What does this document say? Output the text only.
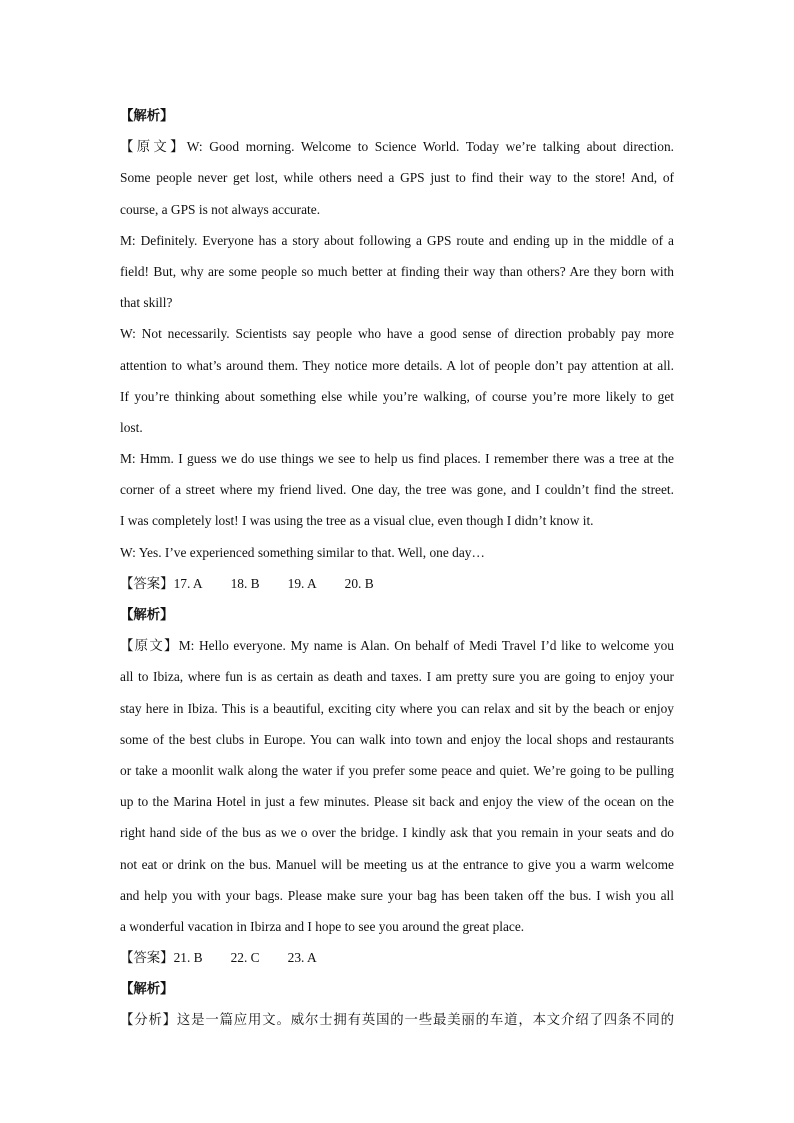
【解析】
【原文】W: Good morning. Welcome to Science World. Today we’re talking about direction.
Some people never get lost, while others need a GPS just to find their way to the store! And, of
course, a GPS is not always accurate.
M: Definitely. Everyone has a story about following a GPS route and ending up in the middle of a
field! But, why are some people so much better at finding their way than others? Are they born with
that skill?
W: Not necessarily. Scientists say people who have a good sense of direction probably pay more
attention to what’s around them. They notice more details. A lot of people don’t pay attention at all.
If you’re thinking about something else while you’re walking, of course you’re more likely to get
lost.
M: Hmm. I guess we do use things we see to help us find places. I remember there was a tree at the
corner of a street where my friend lived. One day, the tree was gone, and I couldn’t find the street.
I was completely lost! I was using the tree as a visual clue, even though I didn’t know it.
W: Yes. I’ve experienced something similar to that. Well, one day…
【答案】17. A 18. B 19. A 20. B
【解析】
【原文】M: Hello everyone. My name is Alan. On behalf of Medi Travel I’d like to welcome you
all to Ibiza, where fun is as certain as death and taxes. I am pretty sure you are going to enjoy your
stay here in Ibiza. This is a beautiful, exciting city where you can relax and sit by the beach or enjoy
some of the best clubs in Europe. You can walk into town and enjoy the local shops and restaurants
or take a moonlit walk along the water if you prefer some peace and quiet. We’re going to be pulling
up to the Marina Hotel in just a few minutes. Please sit back and enjoy the view of the ocean on the
right hand side of the bus as we o over the bridge. I kindly ask that you remain in your seats and do
not eat or drink on the bus. Manuel will be meeting us at the entrance to give you a warm welcome
and help you with your bags. Please make sure your bag has been taken off the bus. I wish you all
a wonderful vacation in Ibirza and I hope to see you around the great place.
【答案】21. B 22. C 23. A
【解析】
【分析】这是一篇应用文。威尔士拥有英国的一些最美丽的车道，本文介绍了四条不同的
